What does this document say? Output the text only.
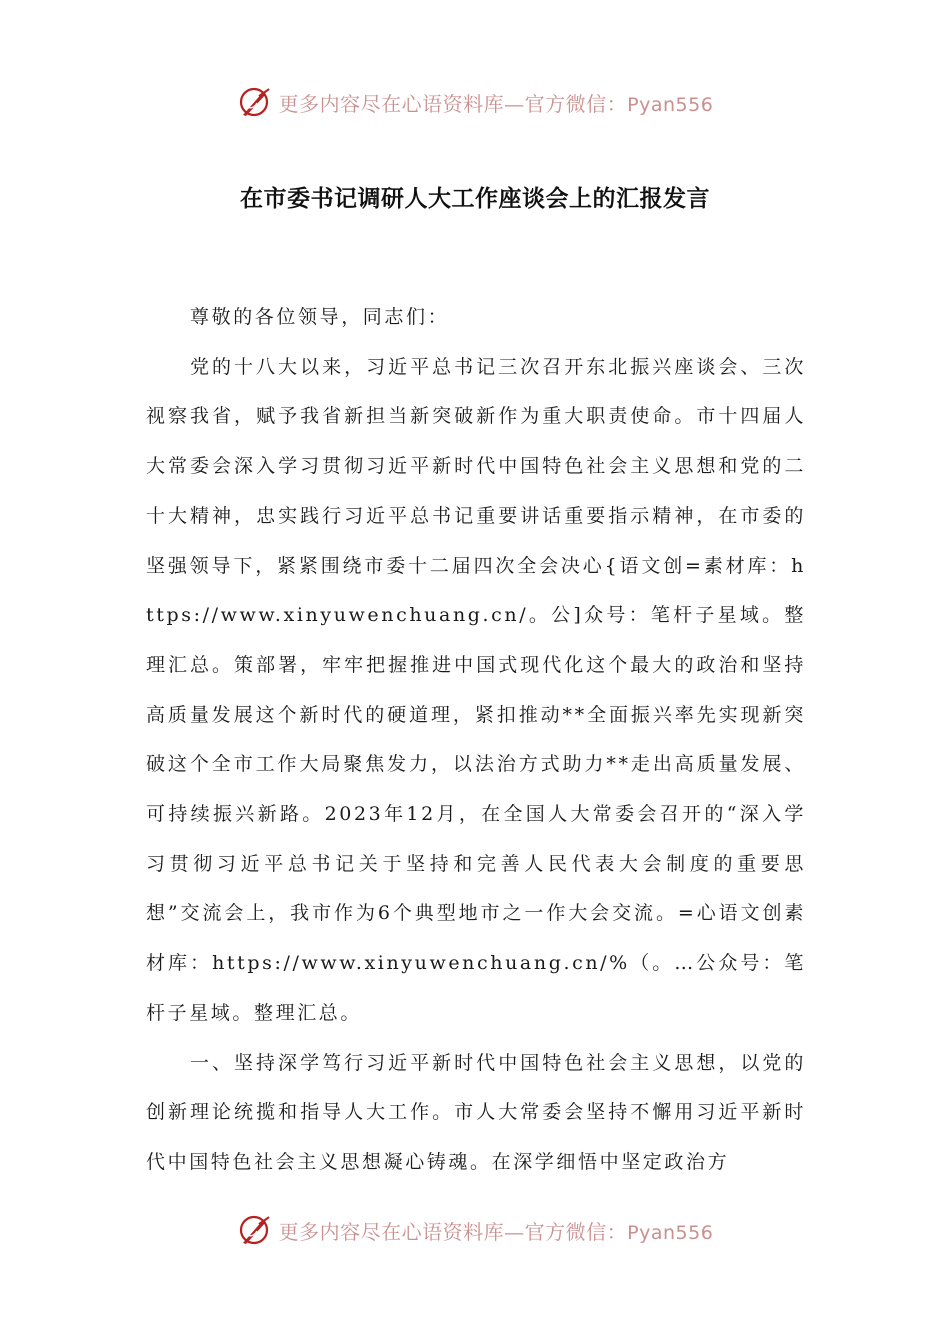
更多内容尽在心语资料库—官方微信：Pyan556
在市委书记调研人大工作座谈会上的汇报发言

尊敬的各位领导，同志们：

党的十八大以来，习近平总书记三次召开东北振兴座谈会、三次视察我省，赋予我省新担当新突破新作为重大职责使命。市十四届人大常委会深入学习贯彻习近平新时代中国特色社会主义思想和党的二十大精神，忠实践行习近平总书记重要讲话重要指示精神，在市委的坚强领导下，紧紧围绕市委十二届四次全会决心{语文创=素材库：https://www.xinyuwenchuang.cn/。公]众号：笔杆子星域。整理汇总。策部署，牢牢把握推进中国式现代化这个最大的政治和坚持高质量发展这个新时代的硬道理，紧扣推动**全面振兴率先实现新突破这个全市工作大局聚焦发力，以法治方式助力**走出高质量发展、可持续振兴新路。2023年12月，在全国人大常委会召开的“深入学习贯彻习近平总书记关于坚持和完善人民代表大会制度的重要思想”交流会上，我市作为6个典型地市之一作大会交流。=心语文创素材库：https://www.xinyuwenchuang.cn/%（。…公众号：笔杆子星域。整理汇总。

一、坚持深学笃行习近平新时代中国特色社会主义思想，以党的创新理论统揽和指导人大工作。市人大常委会坚持不懈用习近平新时代中国特色社会主义思想凝心铸魂。在深学细悟中坚定政治方

更多内容尽在心语资料库—官方微信：Pyan556
